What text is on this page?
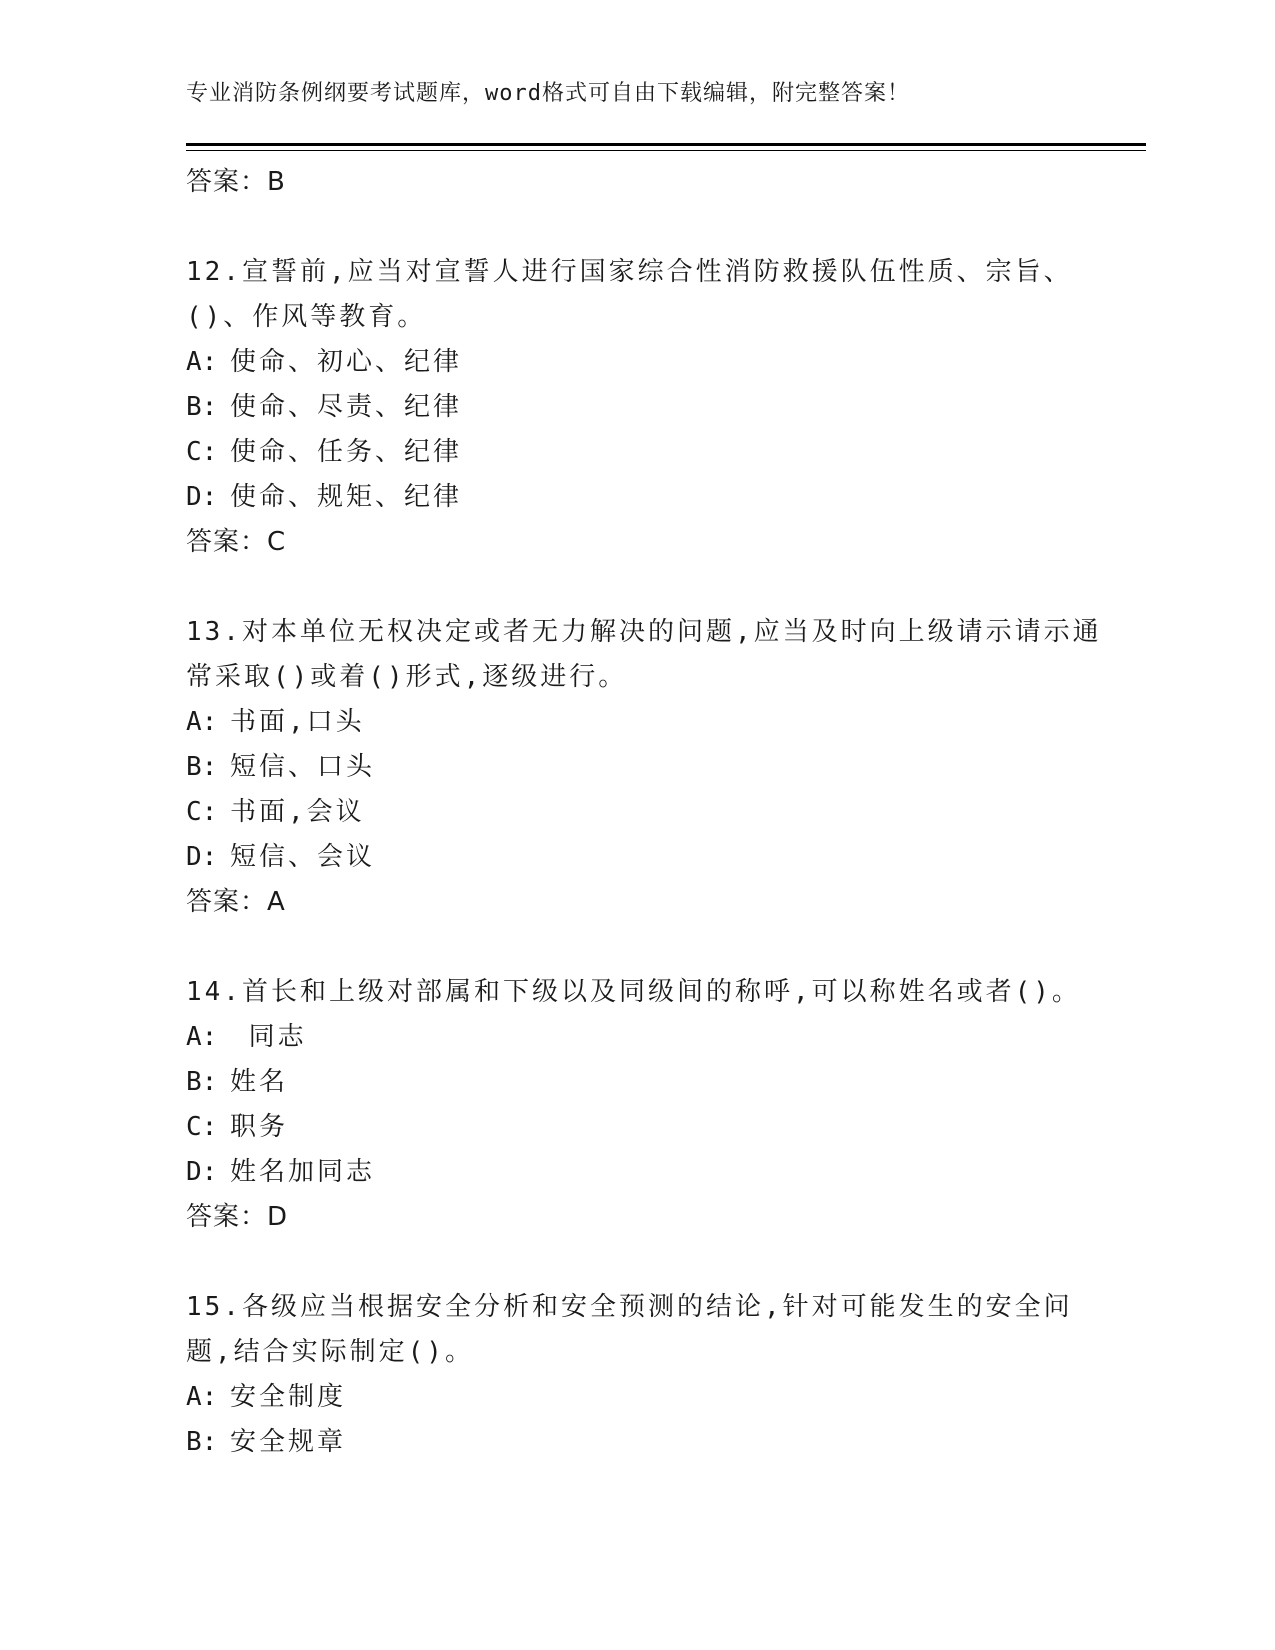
专业消防条例纲要考试题库，word格式可自由下载编辑，附完整答案！
答案：B
12.宣誓前,应当对宣誓人进行国家综合性消防救援队伍性质、宗旨、()、作风等教育。
A: 使命、初心、纪律
B: 使命、尽责、纪律
C: 使命、任务、纪律
D: 使命、规矩、纪律
答案：C
13.对本单位无权决定或者无力解决的问题,应当及时向上级请示请示通常采取()或着()形式,逐级进行。
A: 书面,口头
B: 短信、口头
C: 书面,会议
D: 短信、会议
答案：A
14.首长和上级对部属和下级以及同级间的称呼,可以称姓名或者()。
A: 同志
B: 姓名
C: 职务
D: 姓名加同志
答案：D
15.各级应当根据安全分析和安全预测的结论,针对可能发生的安全问题,结合实际制定()。
A: 安全制度
B: 安全规章
